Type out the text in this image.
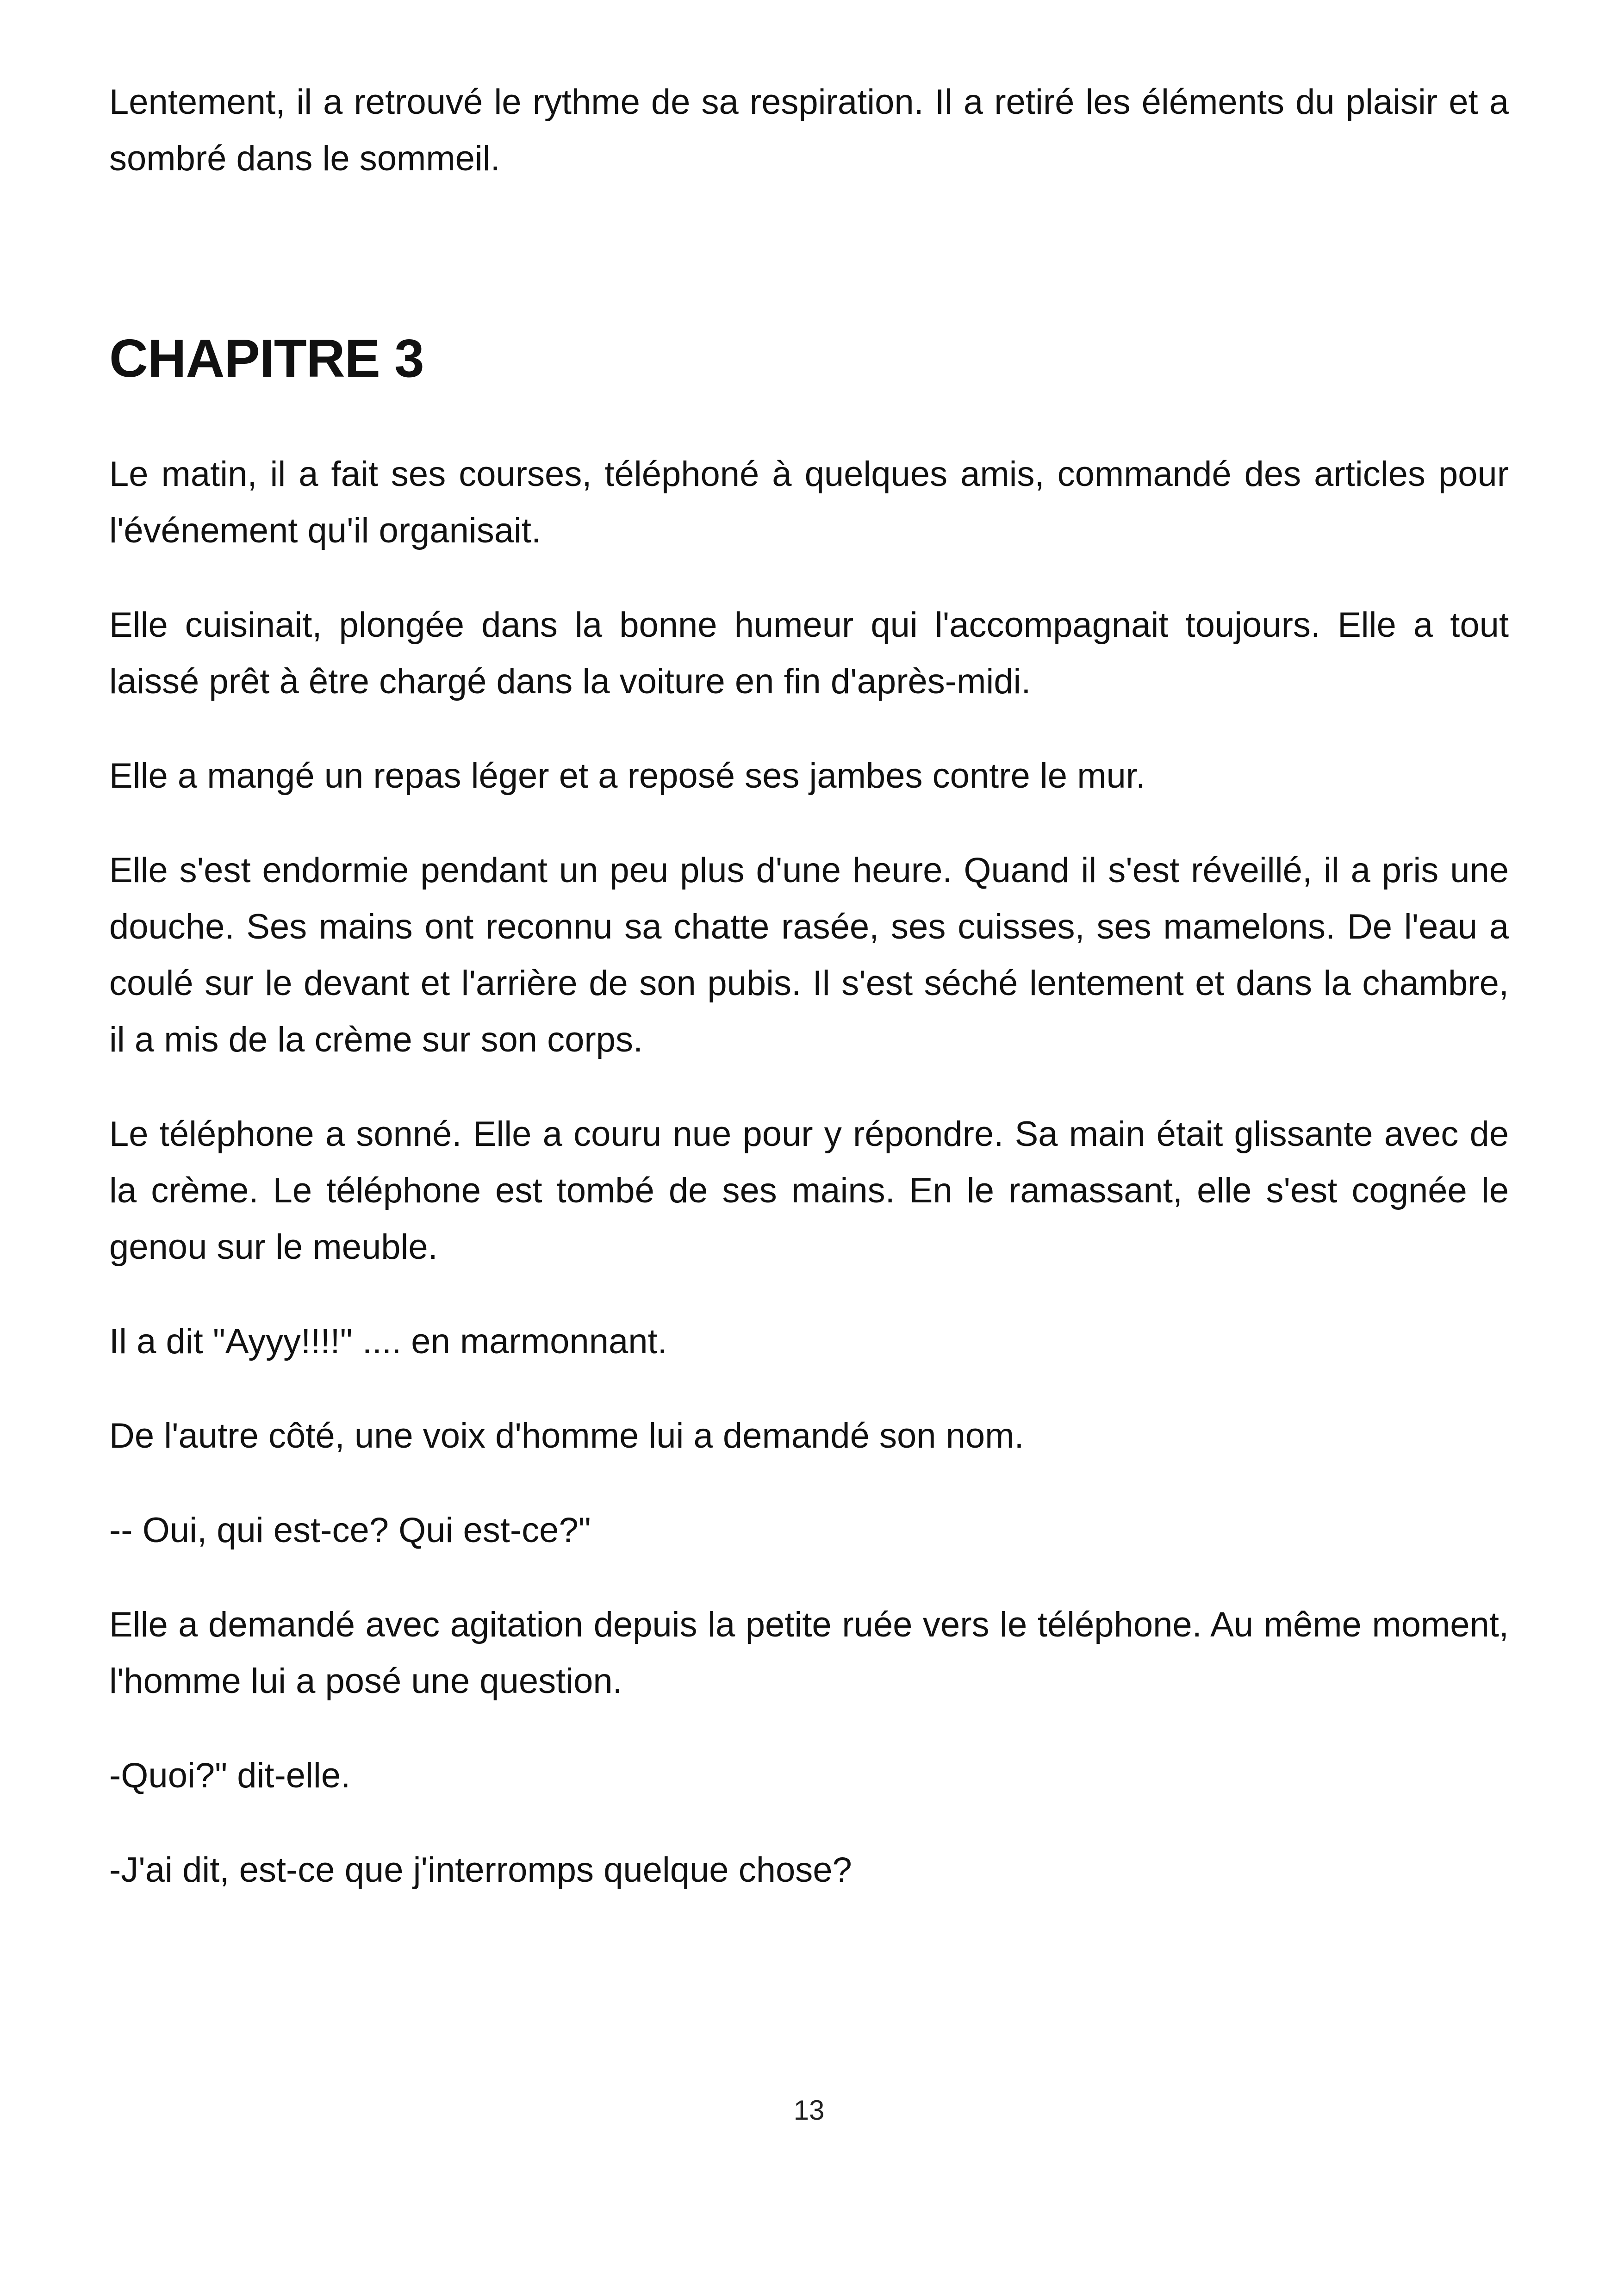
Lentement, il a retrouvé le rythme de sa respiration. Il a retiré les éléments du plaisir et a sombré dans le sommeil.

CHAPITRE 3

Le matin, il a fait ses courses, téléphoné à quelques amis, commandé des articles pour l'événement qu'il organisait.

Elle cuisinait, plongée dans la bonne humeur qui l'accompagnait toujours. Elle a tout laissé prêt à être chargé dans la voiture en fin d'après-midi.

Elle a mangé un repas léger et a reposé ses jambes contre le mur.

Elle s'est endormie pendant un peu plus d'une heure. Quand il s'est réveillé, il a pris une douche. Ses mains ont reconnu sa chatte rasée, ses cuisses, ses mamelons. De l'eau a coulé sur le devant et l'arrière de son pubis. Il s'est séché lentement et dans la chambre, il a mis de la crème sur son corps.

Le téléphone a sonné. Elle a couru nue pour y répondre. Sa main était glissante avec de la crème. Le téléphone est tombé de ses mains. En le ramassant, elle s'est cognée le genou sur le meuble.

Il a dit "Ayyy!!!!" .... en marmonnant.

De l'autre côté, une voix d'homme lui a demandé son nom.

-- Oui, qui est-ce? Qui est-ce?"

Elle a demandé avec agitation depuis la petite ruée vers le téléphone. Au même moment, l'homme lui a posé une question.

-Quoi?" dit-elle.

-J'ai dit, est-ce que j'interromps quelque chose?

13
